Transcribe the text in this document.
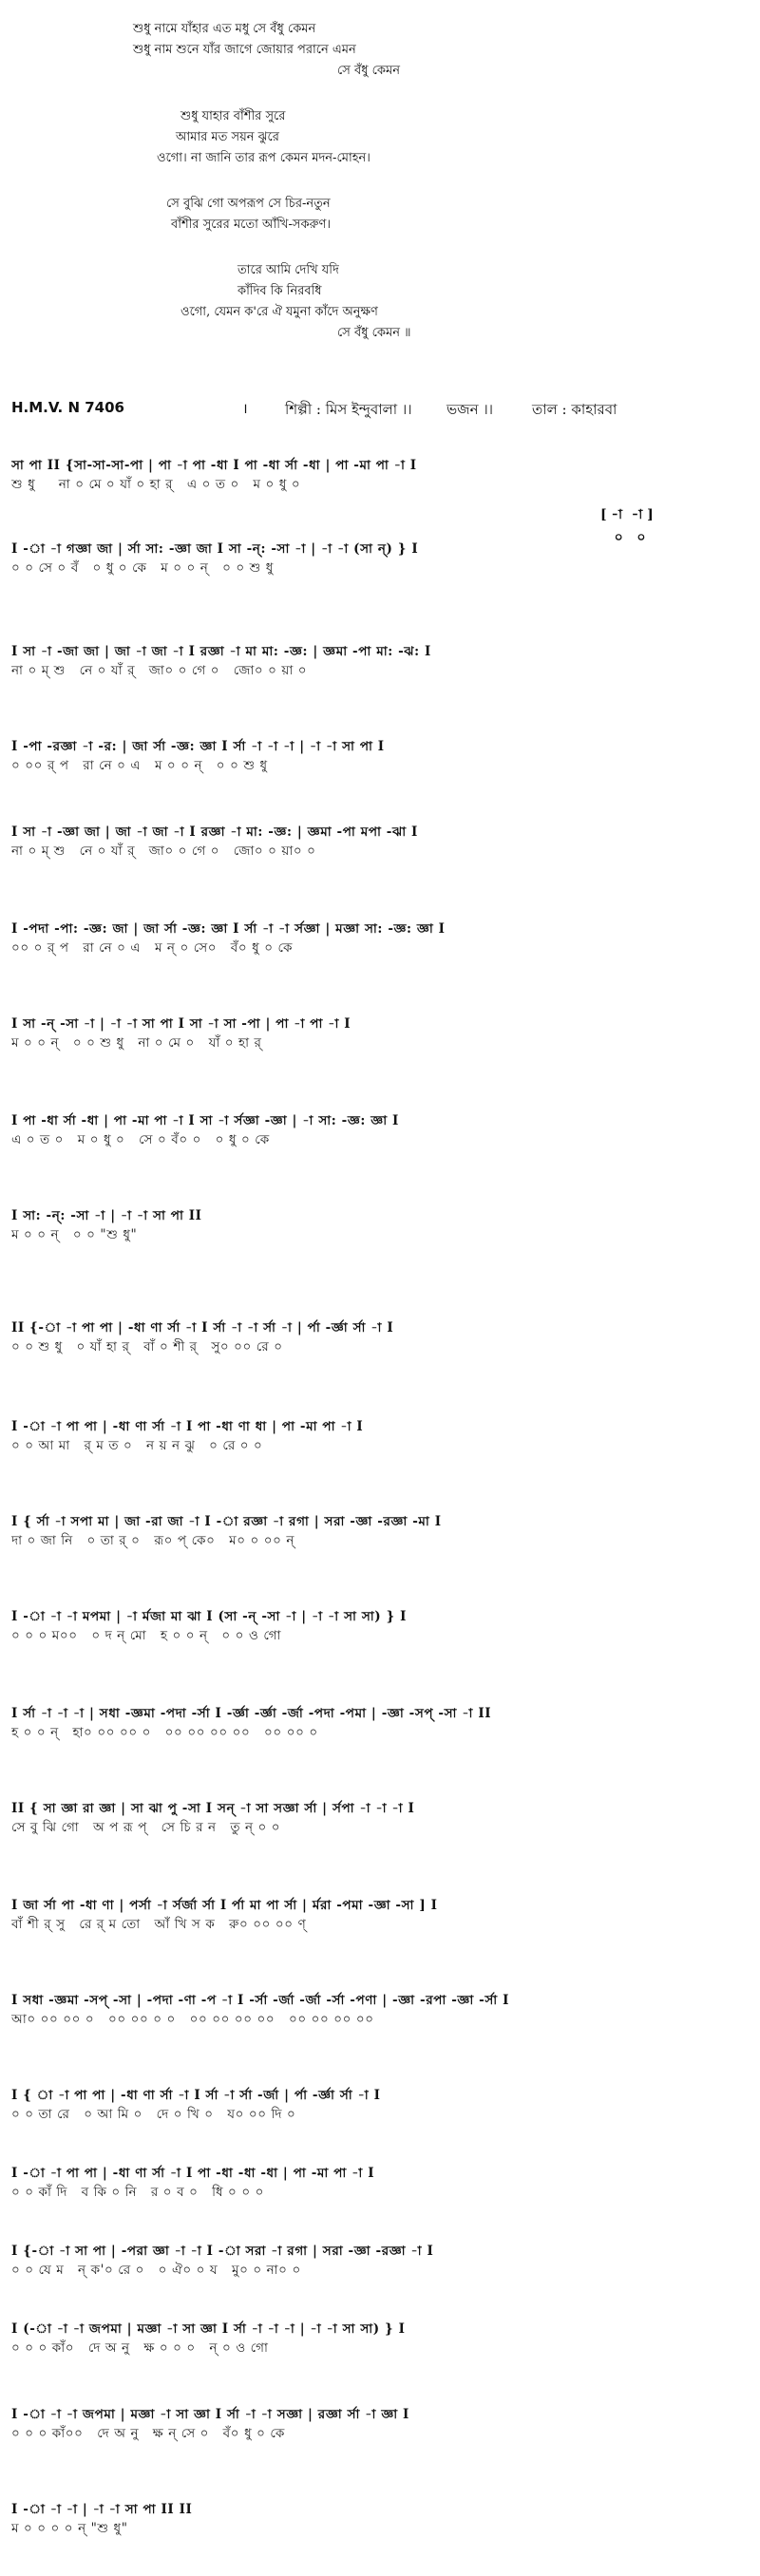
শুধু নামে যাঁহার এত মধু সে বঁধু কেমন
শুধু নাম শুনে যাঁর জাগে জোয়ার পরানে এমন
সে বঁধু কেমন
শুধু যাহার বাঁশীর সুরে
আমার মত সয়ন ঝুরে
ওগো। না জানি তার রূপ কেমন মদন-মোহন।
সে বুঝি গো অপরূপ সে চির-নতুন
বাঁশীর সুরের মতো আঁখি-সকরুণ।
তারে আমি দেখি যদি
কাঁদিব কি নিরবধি
ওগো, যেমন ক'রে ঐ যমুনা কাঁদে অনুক্ষণ
সে বঁধু কেমন ॥
H.M.V. N 7406	।	শিল্পী : মিস ইন্দুবালা ।। ভজন ।।	তাল : কাহারবা
সা পা II {সা-সা-সা-পা | পা -া পা -ধা I পা -ধা র্সা -ধা | পা -মা পা -া I
শু ধু     না ০ মে ০ যাঁ ০ হা র্   এ ০ ত ০   ম ০ ধু ০
[ -া  -া ]
০   ০
I -া -া গজ্ঞা জা | র্সা সা: -জ্ঞা জা I সা -ন্: -সা -া | -া -া (সা ন্) } I
০ ০ সে ০ বঁ   ০ ধু ০ কে   ম ০ ০ ন্   ০ ০ শু ধু
I সা -া -জা জা | জা -া জা -া I রজ্ঞা -া মা মা: -জ্ঞ: | জ্ঞমা -পা মা: -ঝ: I
না ০ ম্ শু   নে ০ যাঁ র্   জা০ ০ গে ০   জো০ ০ য়া ০
I -পা -রজ্ঞা -া -র: | জা র্সা -জ্ঞ: জ্ঞা I র্সা -া -া -া | -া -া সা পা I
০ ০০ র্ প   রা নে ০ এ   ম ০ ০ ন্   ০ ০ শু ধু
I সা -া -জ্ঞা জা | জা -া জা -া I রজ্ঞা -া মা: -জ্ঞ: | জ্ঞমা -পা মপা -ঝা I
না ০ ম্ শু   নে ০ যাঁ র্   জা০ ০ গে ০   জো০ ০ য়া০ ০
I -পদা -পা: -জ্ঞ: জা | জা র্সা -জ্ঞ: জ্ঞা I র্সা -া -া র্সজ্ঞা | মজ্ঞা সা: -জ্ঞ: জ্ঞা I
০০ ০ র্ প   রা নে ০ এ   ম ন্ ০ সে০   বঁ০ ধু ০ কে
I সা -ন্ -সা -া | -া -া সা পা I সা -া সা -পা | পা -া পা -া I
ম ০ ০ ন্   ০ ০ শু ধু   না ০ মে ০   যাঁ ০ হা র্
I পা -ধা র্সা -ধা | পা -মা পা -া I সা -া র্সজ্ঞা -জ্ঞা | -া সা: -জ্ঞ: জ্ঞা I
এ ০ ত ০   ম ০ ধু ০   সে ০ বঁ০ ০   ০ ধু ০ কে
I সা: -ন্: -সা -া | -া -া সা পা II
ম ০ ০ ন্   ০ ০ "শু ধু"
II {-া -া পা পা | -ধা ণা র্সা -া I র্সা -া -া র্সা -া | র্পা -র্জ্ঞা র্সা -া I
০ ০ শু ধু   ০ যাঁ হা র্   বাঁ ০ শী র্   সু০ ০০ রে ০
I -া -া পা পা | -ধা ণা র্সা -া I পা -ধা ণা ধা | পা -মা পা -া I
০ ০ আ মা   র্ ম ত ০   ন য় ন ঝু   ০ রে ০ ০
I { র্সা -া সপা মা | জা -রা জা -া I -া রজ্ঞা -া রগা | সরা -জ্ঞা -রজ্ঞা -মা I
দা ০ জা নি   ০ তা র্ ০   রূ০ প্ কে০   ম০ ০ ০০ ন্
I -া -া -া মপমা | -া র্মজা মা ঝা I (সা -ন্ -সা -া | -া -া সা সা) } I
০ ০ ০ ম০০   ০ দ ন্ মো   হ ০ ০ ন্   ০ ০ ও গো
I র্সা -া -া -া | সধা -জ্ঞমা -পদা -র্সা I -র্জ্ঞা -র্জ্ঞা -র্জা -পদা -পমা | -জ্ঞা -সপ্ -সা -া II
হ ০ ০ ন্   হা০ ০০ ০০ ০   ০০ ০০ ০০ ০০   ০০ ০০ ০
II { সা জ্ঞা রা জ্ঞা | সা ঝা পু -সা I সন্ -া সা সজ্ঞা র্সা | র্সপা -া -া -া I
সে বু ঝি গো   অ প রূ প্   সে চি র ন   তু ন্ ০ ০
I জা র্সা পা -ধা ণা | পর্সা -া র্সর্জা র্সা I র্পা মা পা র্সা | র্মরা -পমা -জ্ঞা -সা ] I
বাঁ শী র্ সু   রে র্ ম তো   আঁ খি স ক   রু০ ০০ ০০ ণ্
I সধা -জ্ঞমা -সপ্ -সা | -পদা -ণা -প -া I -র্সা -র্জা -র্জা -র্সা -পণা | -জ্ঞা -রপা -জ্ঞা -র্সা I
আ০ ০০ ০০ ০   ০০ ০০ ০ ০   ০০ ০০ ০০ ০০   ০০ ০০ ০০ ০০
I { া -া পা পা | -ধা ণা র্সা -া I র্সা -া র্সা -র্জা | র্পা -র্জ্ঞা র্সা -া I
০ ০ তা রে   ০ আ মি ০   দে ০ খি ০   য০ ০০ দি ০
I -া -া পা পা | -ধা ণা র্সা -া I পা -ধা -ধা -ধা | পা -মা পা -া I
০ ০ কাঁ দি   ব কি ০ নি   র ০ ব ০   ধি ০ ০ ০
I {-া -া সা পা | -পরা জ্ঞা -া -া I -া সরা -া রগা | সরা -জ্ঞা -রজ্ঞা -া I
০ ০ যে ম   ন্ ক'০ রে ০   ০ ঐ০ ০ য   মু০ ০ না০ ০
I (-া -া -া জপমা | মজ্ঞা -া সা জ্ঞা I র্সা -া -া -া | -া -া সা সা) } I
০ ০ ০ কাঁ০   দে অ নু   ক্ষ ০ ০ ০   ন্ ০ ও গো
I -া -া -া জপমা | মজ্ঞা -া সা জ্ঞা I র্সা -া -া সজ্ঞা | রজ্ঞা র্সা -া জ্ঞা I
০ ০ ০ কাঁ০০   দে অ নু   ক্ষ ন্ সে ০   বঁ০ ধু ০ কে
I -া -া -া | -া -া সা পা II II
ম ০ ০ ০ ০ ন্ "শু ধু"
